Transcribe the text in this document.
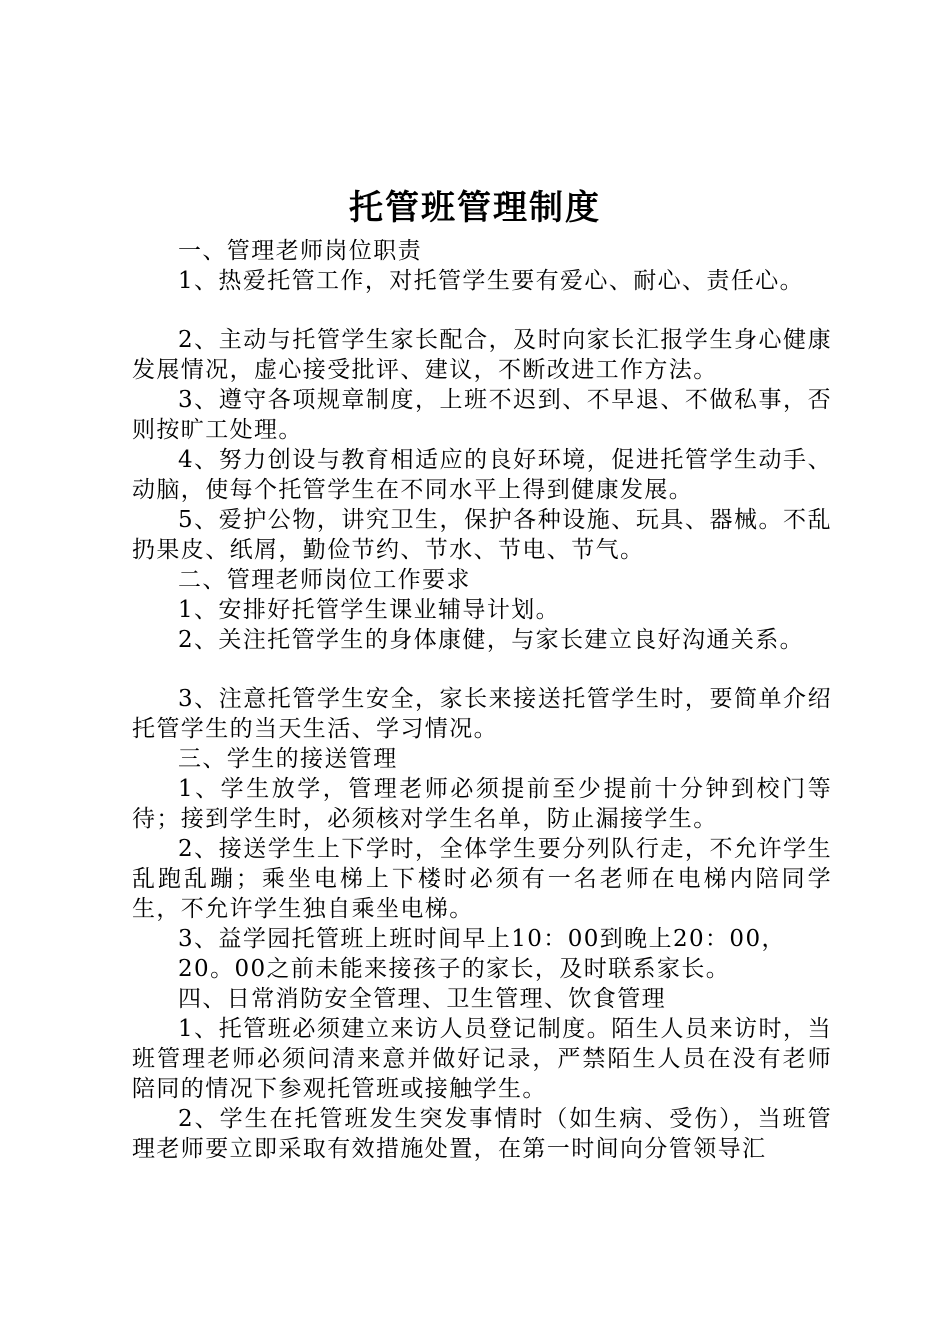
托管班管理制度

一、管理老师岗位职责

1、热爱托管工作，对托管学生要有爱心、耐心、责任心。

2、主动与托管学生家长配合，及时向家长汇报学生身心健康发展情况，虚心接受批评、建议，不断改进工作方法。

3、遵守各项规章制度，上班不迟到、不早退、不做私事，否则按旷工处理。

4、努力创设与教育相适应的良好环境，促进托管学生动手、动脑，使每个托管学生在不同水平上得到健康发展。

5、爱护公物，讲究卫生，保护各种设施、玩具、器械。不乱扔果皮、纸屑，勤俭节约、节水、节电、节气。

二、管理老师岗位工作要求

1、安排好托管学生课业辅导计划。

2、关注托管学生的身体康健，与家长建立良好沟通关系。

3、注意托管学生安全，家长来接送托管学生时，要简单介绍托管学生的当天生活、学习情况。

三、学生的接送管理

1、学生放学，管理老师必须提前至少提前十分钟到校门等待；接到学生时，必须核对学生名单，防止漏接学生。

2、接送学生上下学时，全体学生要分列队行走，不允许学生乱跑乱蹦；乘坐电梯上下楼时必须有一名老师在电梯内陪同学生，不允许学生独自乘坐电梯。

3、益学园托管班上班时间早上10：00到晚上20：00，

20。00之前未能来接孩子的家长，及时联系家长。

四、日常消防安全管理、卫生管理、饮食管理

1、托管班必须建立来访人员登记制度。陌生人员来访时，当班管理老师必须问清来意并做好记录，严禁陌生人员在没有老师陪同的情况下参观托管班或接触学生。

2、学生在托管班发生突发事情时（如生病、受伤），当班管理老师要立即采取有效措施处置，在第一时间向分管领导汇
